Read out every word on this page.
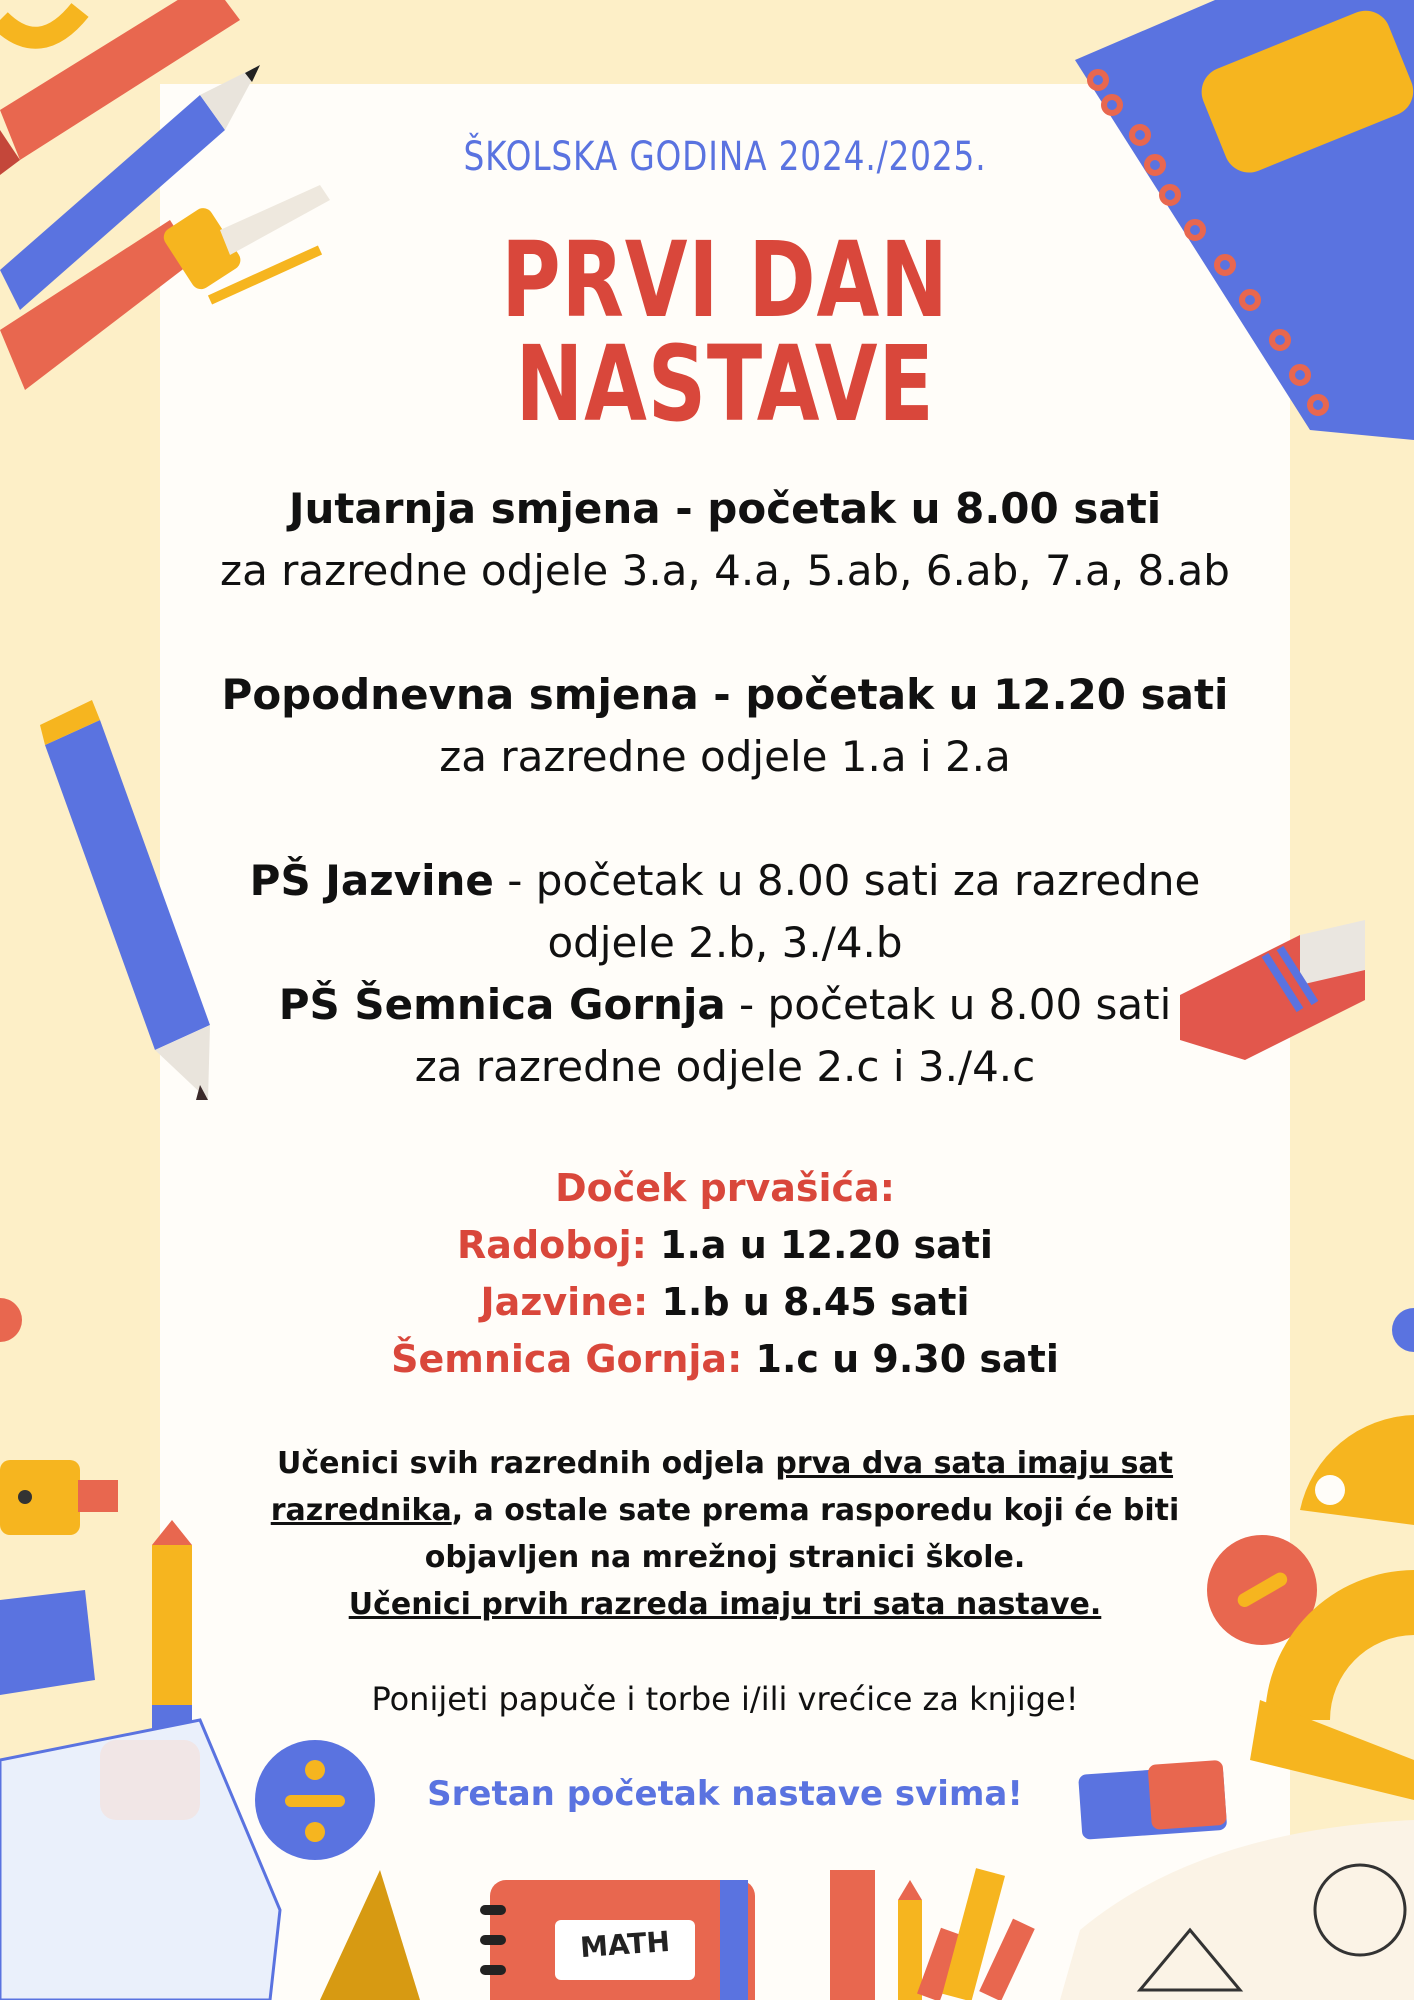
ŠKOLSKA GODINA 2024./2025.
PRVI DAN NASTAVE
Jutarnja smjena - početak u 8.00 sati
za razredne odjele 3.a, 4.a, 5.ab, 6.ab, 7.a, 8.ab
Popodnevna smjena - početak u 12.20 sati
za razredne odjele 1.a i 2.a
PŠ Jazvine - početak u 8.00 sati za razredne
odjele 2.b, 3./4.b
PŠ Šemnica Gornja - početak u 8.00 sati
za razredne odjele 2.c i 3./4.c
Doček prvašića:
Radoboj: 1.a u 12.20 sati
Jazvine: 1.b u 8.45 sati
Šemnica Gornja: 1.c u 9.30 sati
Učenici svih razrednih odjela prva dva sata imaju sat razrednika, a ostale sate prema rasporedu koji će biti objavljen na mrežnoj stranici škole.
Učenici prvih razreda imaju tri sata nastave.
Ponijeti papuče i torbe i/ili vrećice za knjige!
Sretan početak nastave svima!
MATH
